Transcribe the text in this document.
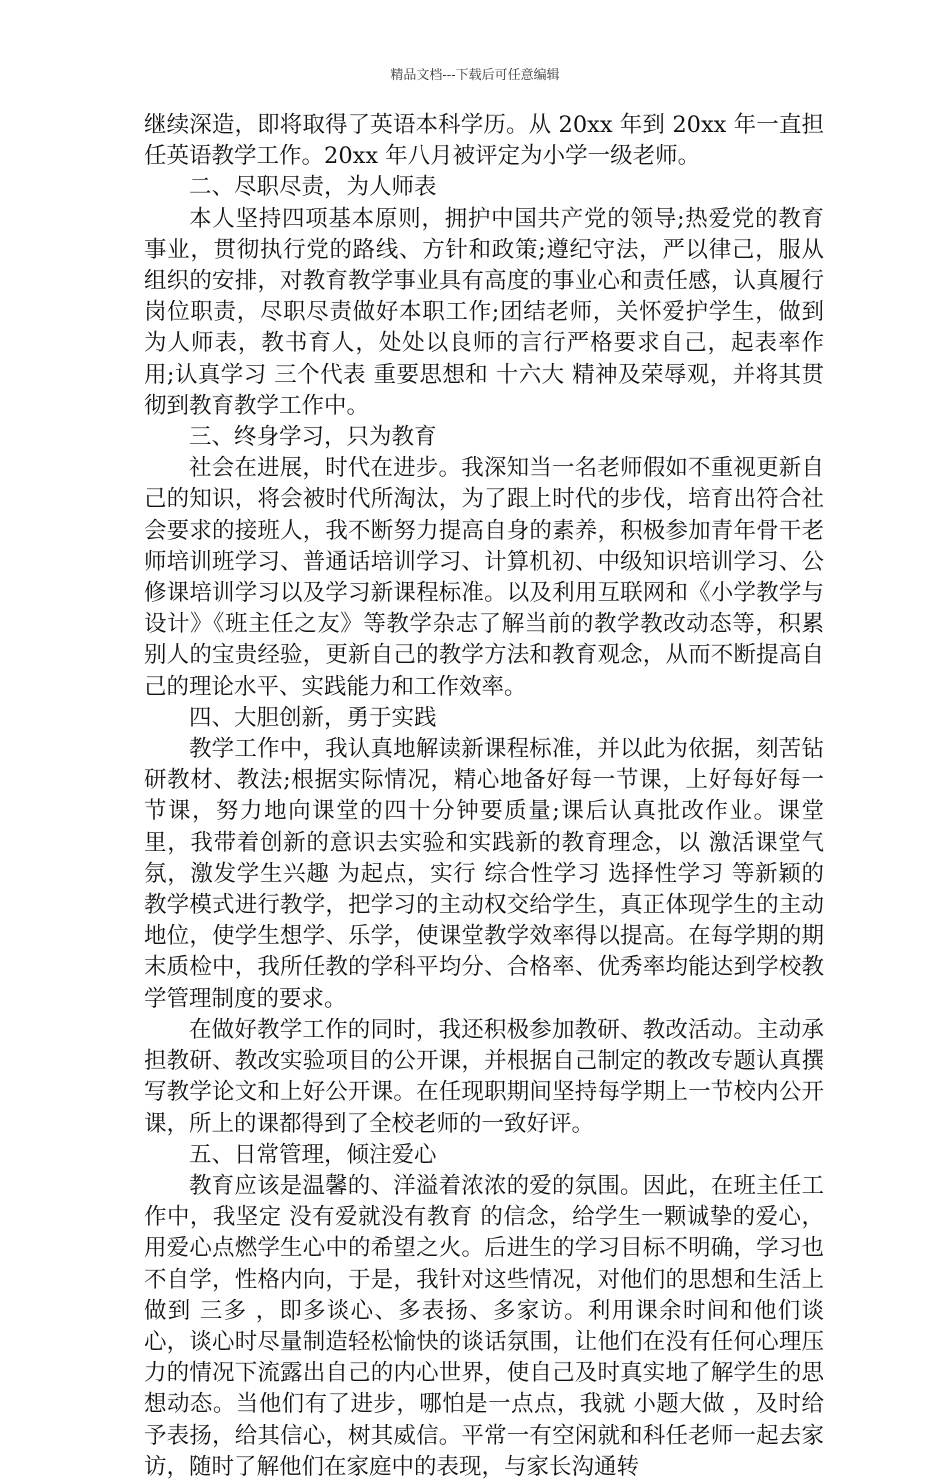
精品文档---下载后可任意编辑

继续深造，即将取得了英语本科学历。从 20xx 年到 20xx 年一直担任英语教学工作。20xx 年八月被评定为小学一级老师。

二、尽职尽责，为人师表

本人坚持四项基本原则，拥护中国共产党的领导;热爱党的教育事业，贯彻执行党的路线、方针和政策;遵纪守法，严以律己，服从组织的安排，对教育教学事业具有高度的事业心和责任感，认真履行岗位职责，尽职尽责做好本职工作;团结老师，关怀爱护学生，做到为人师表，教书育人，处处以良师的言行严格要求自己，起表率作用;认真学习 三个代表 重要思想和 十六大 精神及荣辱观，并将其贯彻到教育教学工作中。

三、终身学习，只为教育

社会在进展，时代在进步。我深知当一名老师假如不重视更新自己的知识，将会被时代所淘汰，为了跟上时代的步伐，培育出符合社会要求的接班人，我不断努力提高自身的素养，积极参加青年骨干老师培训班学习、普通话培训学习、计算机初、中级知识培训学习、公修课培训学习以及学习新课程标准。以及利用互联网和《小学教学与设计》《班主任之友》等教学杂志了解当前的教学教改动态等，积累别人的宝贵经验，更新自己的教学方法和教育观念，从而不断提高自己的理论水平、实践能力和工作效率。

四、大胆创新，勇于实践

教学工作中，我认真地解读新课程标准，并以此为依据，刻苦钻研教材、教法;根据实际情况，精心地备好每一节课，上好每好每一节课，努力地向课堂的四十分钟要质量;课后认真批改作业。课堂里，我带着创新的意识去实验和实践新的教育理念，以 激活课堂气氛，激发学生兴趣 为起点，实行 综合性学习 选择性学习 等新颖的教学模式进行教学，把学习的主动权交给学生，真正体现学生的主动地位，使学生想学、乐学，使课堂教学效率得以提高。在每学期的期末质检中，我所任教的学科平均分、合格率、优秀率均能达到学校教学管理制度的要求。

在做好教学工作的同时，我还积极参加教研、教改活动。主动承担教研、教改实验项目的公开课，并根据自己制定的教改专题认真撰写教学论文和上好公开课。在任现职期间坚持每学期上一节校内公开课，所上的课都得到了全校老师的一致好评。

五、日常管理，倾注爱心

教育应该是温馨的、洋溢着浓浓的爱的氛围。因此，在班主任工作中，我坚定 没有爱就没有教育 的信念，给学生一颗诚挚的爱心，用爱心点燃学生心中的希望之火。后进生的学习目标不明确，学习也不自学，性格内向，于是，我针对这些情况，对他们的思想和生活上做到 三多 ，即多谈心、多表扬、多家访。利用课余时间和他们谈心，谈心时尽量制造轻松愉快的谈话氛围，让他们在没有任何心理压力的情况下流露出自己的内心世界，使自己及时真实地了解学生的思想动态。当他们有了进步，哪怕是一点点，我就 小题大做 ，及时给予表扬，给其信心，树其威信。平常一有空闲就和科任老师一起去家访，随时了解他们在家庭中的表现，与家长沟通转
